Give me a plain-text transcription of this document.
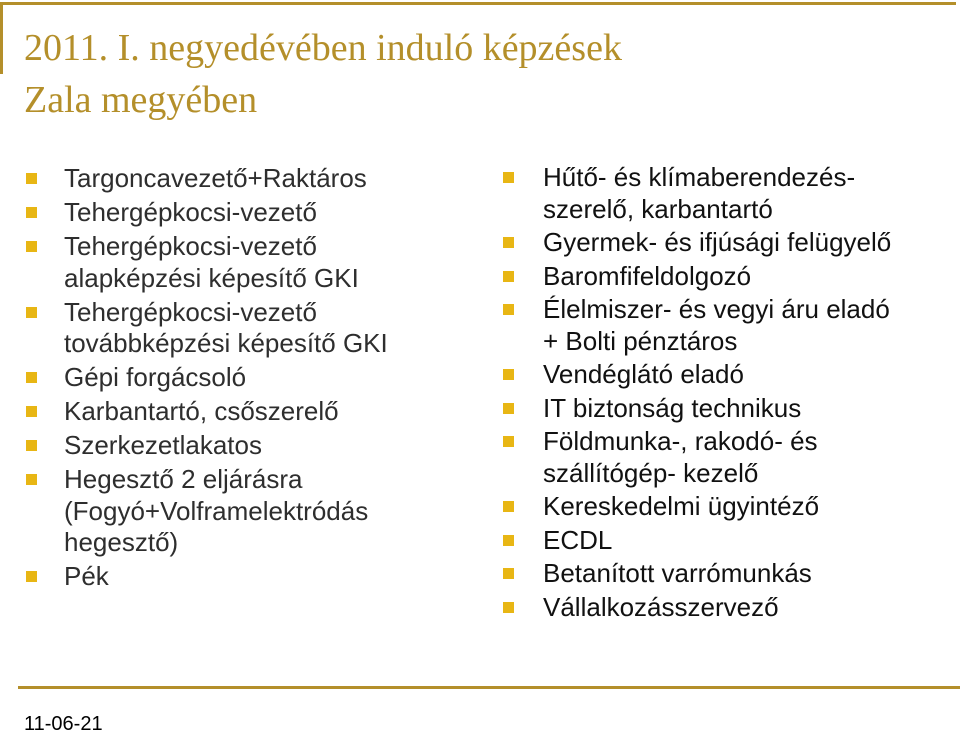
2011. I. negyedévében induló képzések
Zala megyében
Targoncavezető+Raktáros
Tehergépkocsi-vezető
Tehergépkocsi-vezető
alapképzési képesítő GKI
Tehergépkocsi-vezető
továbbképzési képesítő GKI
Gépi forgácsoló
Karbantartó, csőszerelő
Szerkezetlakatos
Hegesztő 2 eljárásra
(Fogyó+Volframelektródás
hegesztő)
Pék
Hűtő- és klímaberendezés-
szerelő, karbantartó
Gyermek- és ifjúsági felügyelő
Baromfifeldolgozó
Élelmiszer- és vegyi áru eladó
+ Bolti pénztáros
Vendéglátó eladó
IT biztonság technikus
Földmunka-, rakodó- és
szállítógép- kezelő
Kereskedelmi ügyintéző
ECDL
Betanított varrómunkás
Vállalkozásszervező
11-06-21
